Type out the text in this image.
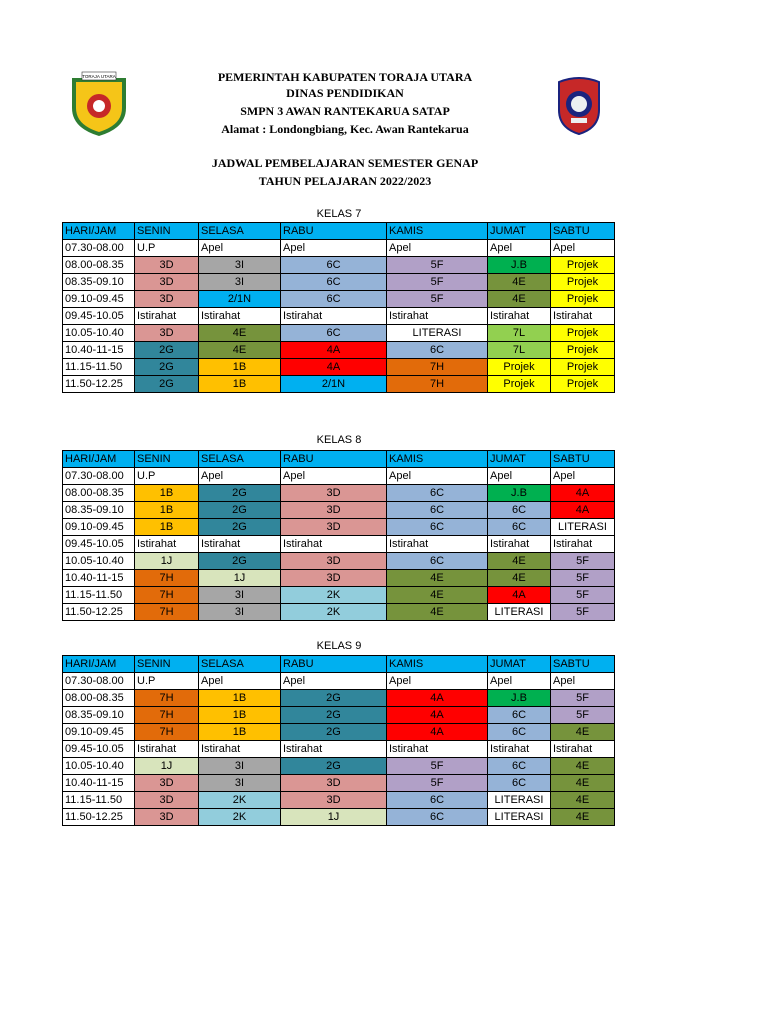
TORAJA UTARA	PEMERINTAH KABUPATEN TORAJA UTARA
DINAS PENDIDIKAN
SMPN 3 AWAN RANTEKARUA SATAP
Alamat : Londongbiang, Kec. Awan Rantekarua
JADWAL PEMBELAJARAN SEMESTER GENAP
TAHUN PELAJARAN 2022/2023
KELAS 7
HARI/JAM	SENIN	SELASA	RABU	KAMIS	JUMAT	SABTU
07.30-08.00	U.P	Apel	Apel	Apel	Apel	Apel
08.00-08.35	3D	3I	6C	5F	J.B	Projek
08.35-09.10	3D	3I	6C	5F	4E	Projek
09.10-09.45	3D	2/1N	6C	5F	4E	Projek
09.45-10.05	Istirahat	Istirahat	Istirahat	Istirahat	Istirahat	Istirahat
10.05-10.40	3D	4E	6C	LITERASI	7L	Projek
10.40-11-15	2G	4E	4A	6C	7L	Projek
11.15-11.50	2G	1B	4A	7H	Projek	Projek
11.50-12.25	2G	1B	2/1N	7H	Projek	Projek
KELAS 8
HARI/JAM	SENIN	SELASA	RABU	KAMIS	JUMAT	SABTU
07.30-08.00	U.P	Apel	Apel	Apel	Apel	Apel
08.00-08.35	1B	2G	3D	6C	J.B	4A
08.35-09.10	1B	2G	3D	6C	6C	4A
09.10-09.45	1B	2G	3D	6C	6C	LITERASI
09.45-10.05	Istirahat	Istirahat	Istirahat	Istirahat	Istirahat	Istirahat
10.05-10.40	1J	2G	3D	6C	4E	5F
10.40-11-15	7H	1J	3D	4E	4E	5F
11.15-11.50	7H	3I	2K	4E	4A	5F
11.50-12.25	7H	3I	2K	4E	LITERASI	5F
KELAS 9
HARI/JAM	SENIN	SELASA	RABU	KAMIS	JUMAT	SABTU
07.30-08.00	U.P	Apel	Apel	Apel	Apel	Apel
08.00-08.35	7H	1B	2G	4A	J.B	5F
08.35-09.10	7H	1B	2G	4A	6C	5F
09.10-09.45	7H	1B	2G	4A	6C	4E
09.45-10.05	Istirahat	Istirahat	Istirahat	Istirahat	Istirahat	Istirahat
10.05-10.40	1J	3I	2G	5F	6C	4E
10.40-11-15	3D	3I	3D	5F	6C	4E
11.15-11.50	3D	2K	3D	6C	LITERASI	4E
11.50-12.25	3D	2K	1J	6C	LITERASI	4E
